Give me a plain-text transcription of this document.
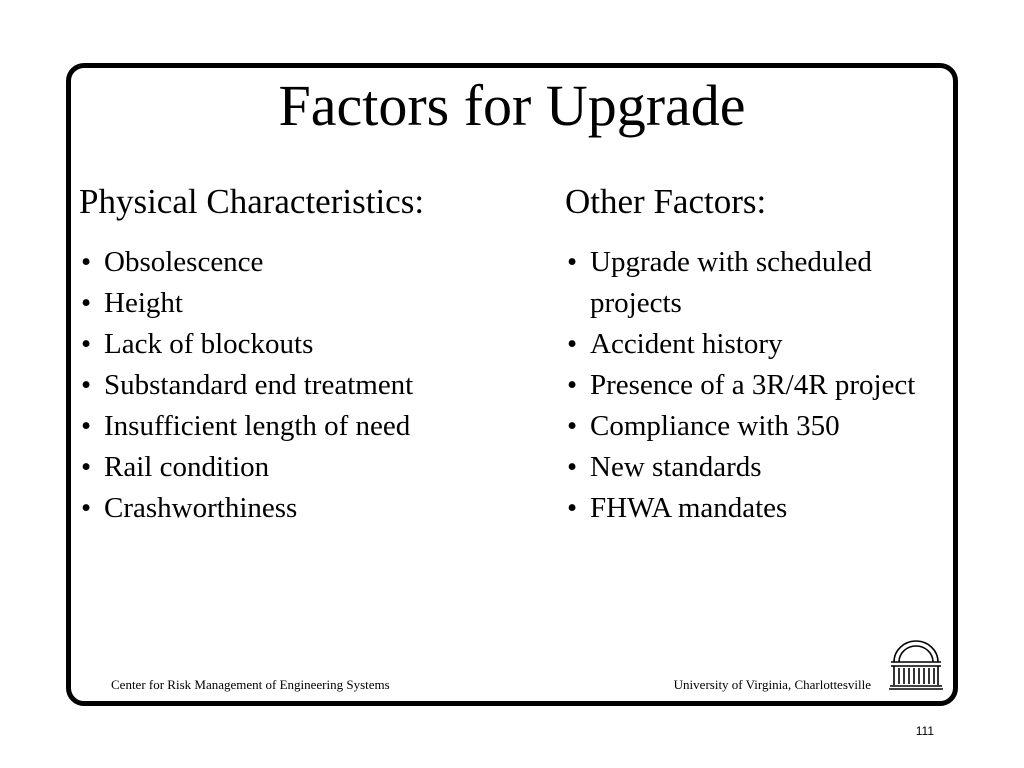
Factors for Upgrade
Physical Characteristics:
• Obsolescence
• Height
• Lack of blockouts
• Substandard end treatment
• Insufficient length of need
• Rail condition
• Crashworthiness
Other Factors:
• Upgrade with scheduled projects
• Accident history
• Presence of a 3R/4R project
• Compliance with 350
• New standards
• FHWA mandates
Center for Risk Management of Engineering Systems	University of Virginia, Charlottesville
111
